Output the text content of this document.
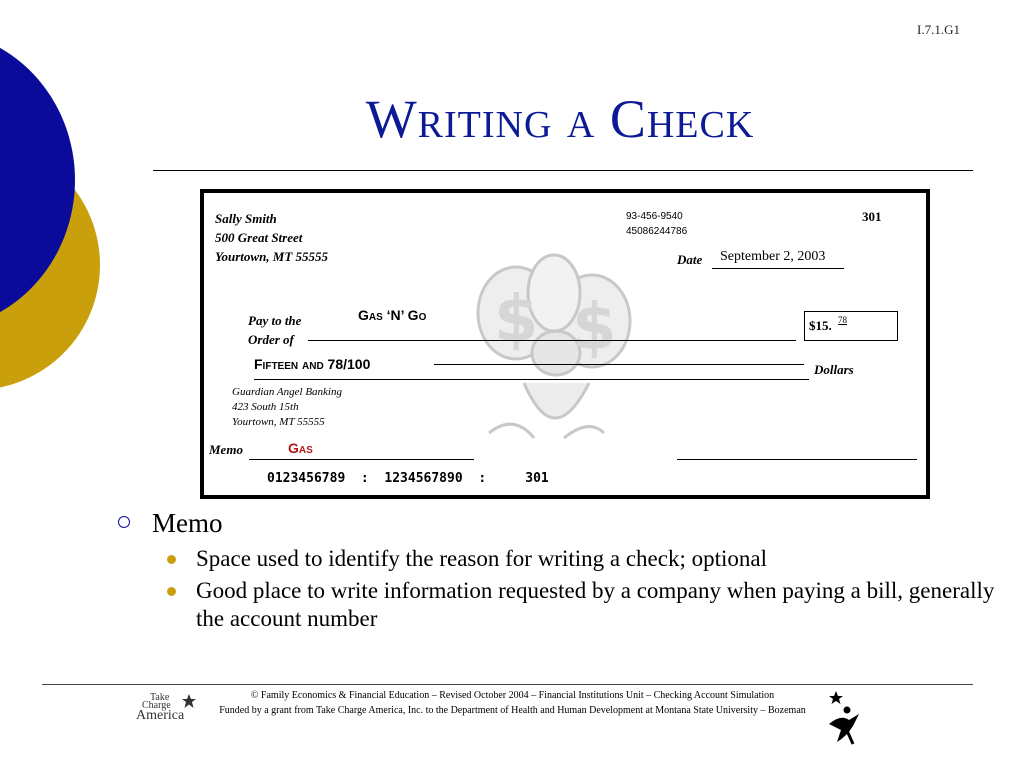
I.7.1.G1
Writing a Check
$ $
Sally Smith
500 Great Street
Yourtown, MT 55555
93-456-9540
45086244786
301
Date September 2, 2003
Pay to the
Order of
Gas ‘N’ Go
$15. 78
Fifteen and 78/100	Dollars
Guardian Angel Banking
423 South 15th
Yourtown, MT 55555
Memo	Gas
0123456789  :  1234567890  :     301
Memo
Space used to identify the reason for writing a check; optional
Good place to write information requested by a company when paying a bill, generally the account number
Take
Charge
America
© Family Economics & Financial Education – Revised October 2004 – Financial Institutions Unit – Checking Account Simulation
Funded by a grant from Take Charge America, Inc. to the Department of Health and Human Development at Montana State University – Bozeman
